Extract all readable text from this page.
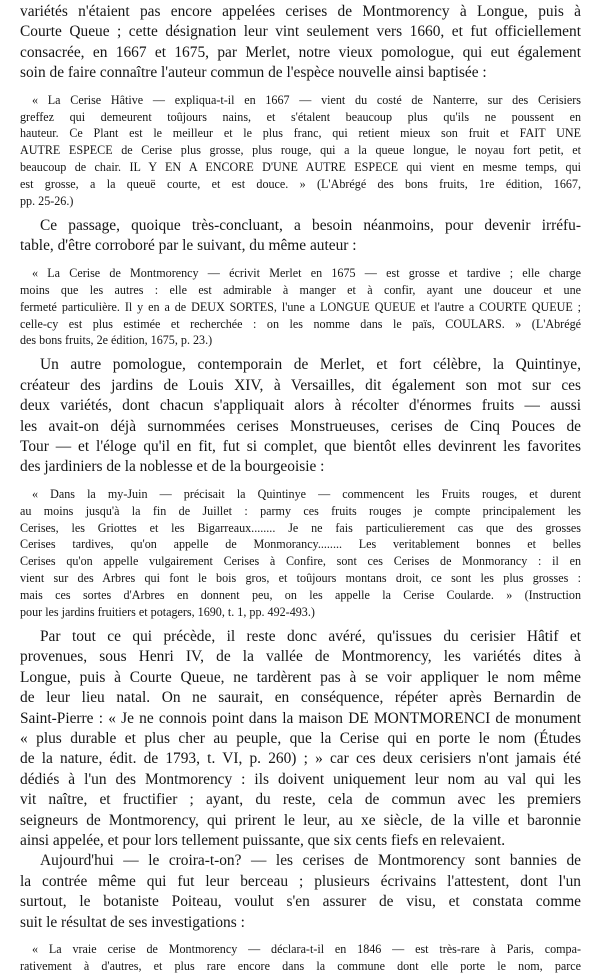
variétés n'étaient pas encore appelées cerises de Montmorency à Longue, puis à
Courte Queue ; cette désignation leur vint seulement vers 1660, et fut officiellement
consacrée, en 1667 et 1675, par Merlet, notre vieux pomologue, qui eut également
soin de faire connaître l'auteur commun de l'espèce nouvelle ainsi baptisée :
« La Cerise Hâtive — expliqua-t-il en 1667 — vient du costé de Nanterre, sur des Cerisiers
greffez qui demeurent toûjours nains, et s'étalent beaucoup plus qu'ils ne poussent en
hauteur. Ce Plant est le meilleur et le plus franc, qui retient mieux son fruit et FAIT UNE
AUTRE ESPECE de Cerise plus grosse, plus rouge, qui a la queue longue, le noyau fort petit, et
beaucoup de chair. IL Y EN A ENCORE D'UNE AUTRE ESPECE qui vient en mesme temps, qui
est grosse, a la queuë courte, et est douce. » (L'Abrégé des bons fruits, 1re édition, 1667,
pp. 25-26.)
Ce passage, quoique très-concluant, a besoin néanmoins, pour devenir irréfu-
table, d'être corroboré par le suivant, du même auteur :
« La Cerise de Montmorency — écrivit Merlet en 1675 — est grosse et tardive ; elle charge
moins que les autres : elle est admirable à manger et à confir, ayant une douceur et une
fermeté particulière. Il y en a de DEUX SORTES, l'une a LONGUE QUEUE et l'autre a COURTE QUEUE ;
celle-cy est plus estimée et recherchée : on les nomme dans le païs, COULARS. » (L'Abrégé
des bons fruits, 2e édition, 1675, p. 23.)
Un autre pomologue, contemporain de Merlet, et fort célèbre, la Quintinye,
créateur des jardins de Louis XIV, à Versailles, dit également son mot sur ces
deux variétés, dont chacun s'appliquait alors à récolter d'énormes fruits — aussi
les avait-on déjà surnommées cerises Monstrueuses, cerises de Cinq Pouces de
Tour — et l'éloge qu'il en fit, fut si complet, que bientôt elles devinrent les favorites
des jardiniers de la noblesse et de la bourgeoisie :
« Dans la my-Juin — précisait la Quintinye — commencent les Fruits rouges, et durent
au moins jusqu'à la fin de Juillet : parmy ces fruits rouges je compte principalement les
Cerises, les Griottes et les Bigarreaux........ Je ne fais particulierement cas que des grosses
Cerises tardives, qu'on appelle de Monmorancy........ Les veritablement bonnes et belles
Cerises qu'on appelle vulgairement Cerises à Confire, sont ces Cerises de Monmorancy : il en
vient sur des Arbres qui font le bois gros, et toûjours montans droit, ce sont les plus grosses :
mais ces sortes d'Arbres en donnent peu, on les appelle la Cerise Coularde. » (Instruction
pour les jardins fruitiers et potagers, 1690, t. 1, pp. 492-493.)
Par tout ce qui précède, il reste donc avéré, qu'issues du cerisier Hâtif et
provenues, sous Henri IV, de la vallée de Montmorency, les variétés dites à
Longue, puis à Courte Queue, ne tardèrent pas à se voir appliquer le nom même
de leur lieu natal. On ne saurait, en conséquence, répéter après Bernardin de
Saint-Pierre : « Je ne connois point dans la maison DE MONTMORENCI de monument
« plus durable et plus cher au peuple, que la Cerise qui en porte le nom (Études
de la nature, édit. de 1793, t. VI, p. 260) ; » car ces deux cerisiers n'ont jamais été
dédiés à l'un des Montmorency : ils doivent uniquement leur nom au val qui les
vit naître, et fructifier ; ayant, du reste, cela de commun avec les premiers
seigneurs de Montmorency, qui prirent le leur, au xe siècle, de la ville et baronnie
ainsi appelée, et pour lors tellement puissante, que six cents fiefs en relevaient.
Aujourd'hui — le croira-t-on? — les cerises de Montmorency sont bannies de
la contrée même qui fut leur berceau ; plusieurs écrivains l'attestent, dont l'un
surtout, le botaniste Poiteau, voulut s'en assurer de visu, et constata comme
suit le résultat de ses investigations :
« La vraie cerise de Montmorency — déclara-t-il en 1846 — est très-rare à Paris, compa-
rativement à d'autres, et plus rare encore dans la commune dont elle porte le nom, parce
